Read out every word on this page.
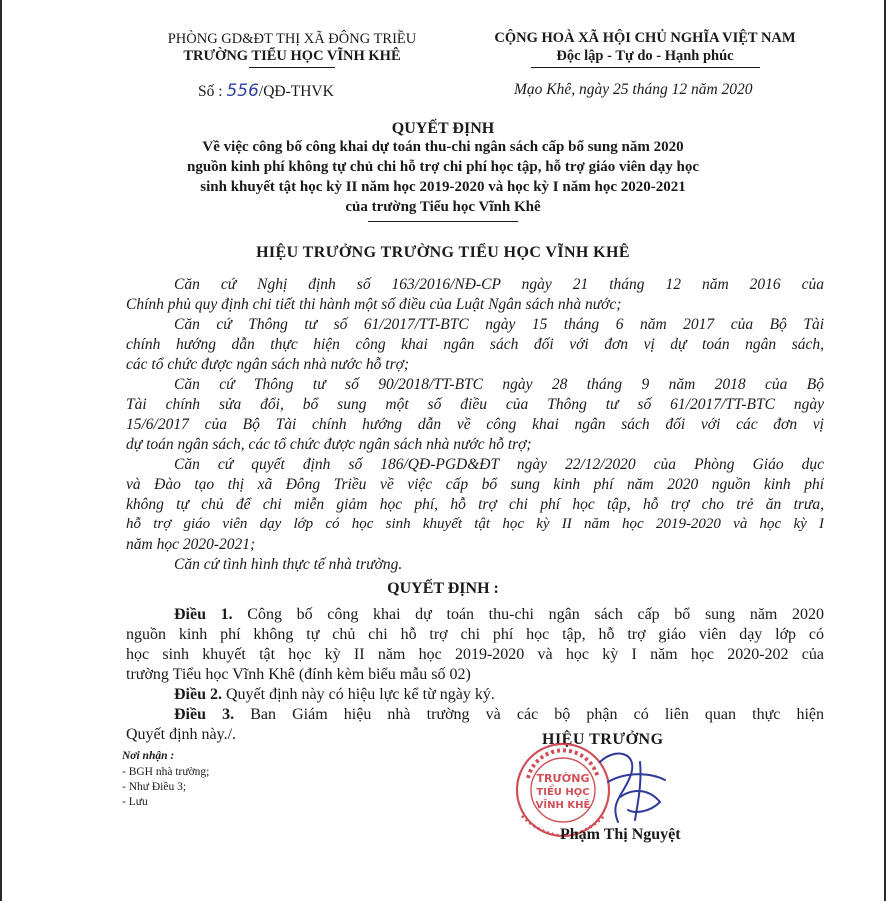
PHÒNG GD&ĐT THỊ XÃ ĐÔNG TRIỀU
TRƯỜNG TIỂU HỌC VĨNH KHÊ
CỘNG HOÀ XÃ HỘI CHỦ NGHĨA VIỆT NAM
Độc lập - Tự do - Hạnh phúc
Số : 556/QĐ-THVK	Mạo Khê, ngày 25 tháng 12 năm 2020
QUYẾT ĐỊNH
Về việc công bố công khai dự toán thu-chi ngân sách cấp bổ sung năm 2020
nguồn kinh phí không tự chủ chi hỗ trợ chi phí học tập, hỗ trợ giáo viên dạy học
sinh khuyết tật học kỳ II năm học 2019-2020 và học kỳ I năm học 2020-2021
của trường Tiểu học Vĩnh Khê
HIỆU TRƯỞNG TRƯỜNG TIỂU HỌC VĨNH KHÊ
Căn cứ Nghị định số 163/2016/NĐ-CP ngày 21 tháng 12 năm 2016 của
Chính phủ quy định chi tiết thi hành một số điều của Luật Ngân sách nhà nước;
Căn cứ Thông tư số 61/2017/TT-BTC ngày 15 tháng 6 năm 2017 của Bộ Tài
chính hướng dẫn thực hiện công khai ngân sách đối với đơn vị dự toán ngân sách,
các tổ chức được ngân sách nhà nước hỗ trợ;
Căn cứ Thông tư số 90/2018/TT-BTC ngày 28 tháng 9 năm 2018 của Bộ
Tài chính sửa đổi, bổ sung một số điều của Thông tư số 61/2017/TT-BTC ngày
15/6/2017 của Bộ Tài chính hướng dẫn về công khai ngân sách đối với các đơn vị
dự toán ngân sách, các tổ chức được ngân sách nhà nước hỗ trợ;
Căn cứ quyết định số 186/QĐ-PGD&ĐT ngày 22/12/2020 của Phòng Giáo dục
và Đào tạo thị xã Đông Triều về việc cấp bổ sung kinh phí năm 2020 nguồn kinh phí
không tự chủ để chi miễn giảm học phí, hỗ trợ chi phí học tập, hỗ trợ cho trẻ ăn trưa,
hỗ trợ giáo viên dạy lớp có học sinh khuyết tật học kỳ II năm học 2019-2020 và học kỳ I
năm học 2020-2021;
Căn cứ tình hình thực tế nhà trường.
QUYẾT ĐỊNH :
Điều 1. Công bố công khai dự toán thu-chi ngân sách cấp bổ sung năm 2020
nguồn kinh phí không tự chủ chi hỗ trợ chi phí học tập, hỗ trợ giáo viên dạy lớp có
học sinh khuyết tật học kỳ II năm học 2019-2020 và học kỳ I năm học 2020-202 của
trường Tiểu học Vĩnh Khê (đính kèm biểu mẫu số 02)
Điều 2. Quyết định này có hiệu lực kể từ ngày ký.
Điều 3. Ban Giám hiệu nhà trường và các bộ phận có liên quan thực hiện
Quyết định này./.
Nơi nhận :
- BGH nhà trường;
- Như Điều 3;
- Lưu
HIỆU TRƯỞNG
TRƯỜNG
TIỂU HỌC
VĨNH KHÊ
Phạm Thị Nguyệt
